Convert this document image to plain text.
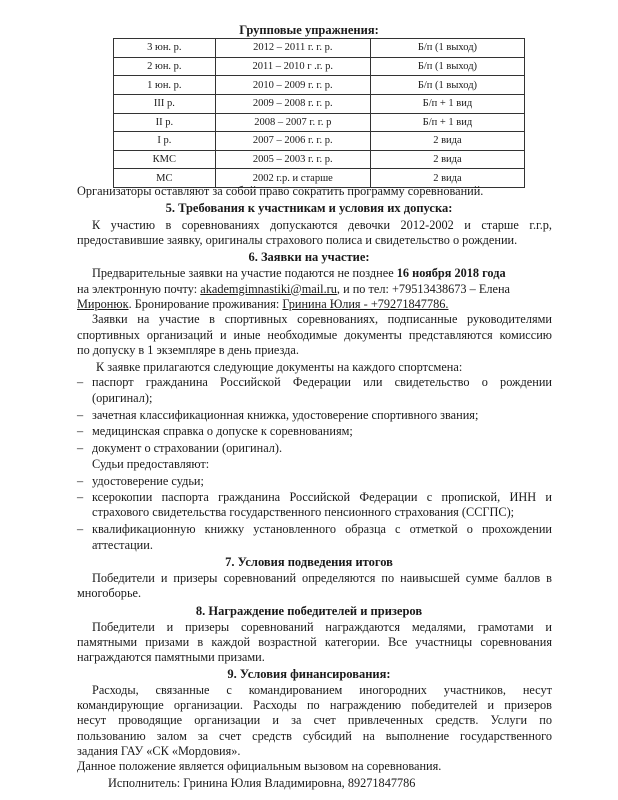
Групповые упражнения:
3 юн. р.	2012 – 2011 г. г. р.	Б/п (1 выход)
2 юн. р.	2011 – 2010 г .г. р.	Б/п (1 выход)
1 юн. р.	2010 – 2009 г. г. р.	Б/п (1 выход)
III р.	2009 – 2008 г. г. р.	Б/п + 1 вид
II р.	2008 – 2007 г. г. р	Б/п + 1 вид
I р.	2007 – 2006 г. г. р.	2 вида
КМС	2005 – 2003 г. г. р.	2 вида
МС	2002 г.р. и старше	2 вида
Организаторы оставляют за собой право сократить программу соревнований.
5. Требования к участникам и условия их допуска:
К участию в соревнованиях допускаются девочки 2012-2002 и старше г.г.р,
предоставившие заявку, оригиналы страхового полиса и свидетельство о рождении.
6. Заявки на участие:
Предварительные заявки на участие подаются не позднее 16 ноября 2018 года
на электронную почту: akademgimnastiki@mail.ru, и по тел: +79513438673 – Елена
Миронюк. Бронирование проживания: Гринина Юлия - +79271847786.
Заявки на участие в спортивных соревнованиях, подписанные руководителями
спортивных организаций и иные необходимые документы представляются комиссию
по допуску в 1 экземпляре в день приезда.
К заявке прилагаются следующие документы на каждого спортсмена:
– паспорт гражданина Российской Федерации или свидетельство о рождении
(оригинал);
– зачетная классификационная книжка, удостоверение спортивного звания;
– медицинская справка о допуске к соревнованиям;
– документ о страховании (оригинал).
Судьи предоставляют:
– удостоверение судьи;
– ксерокопии паспорта гражданина Российской Федерации с пропиской, ИНН и
страхового свидетельства государственного пенсионного страхования (ССГПС);
– квалификационную книжку установленного образца с отметкой о прохождении
аттестации.
7. Условия подведения итогов
Победители и призеры соревнований определяются по наивысшей сумме баллов в
многоборье.
8. Награждение победителей и призеров
Победители и призеры соревнований награждаются медалями, грамотами и
памятными призами в каждой возрастной категории. Все участницы соревнования
награждаются памятными призами.
9. Условия финансирования:
Расходы, связанные с командированием иногородних участников, несут
командирующие организации. Расходы по награждению победителей и призеров
несут проводящие организации и за счет привлеченных средств. Услуги по
пользованию залом за счет средств субсидий на выполнение государственного
задания ГАУ «СК «Мордовия».
Данное положение является официальным вызовом на соревнования.
Исполнитель: Гринина Юлия Владимировна, 89271847786
